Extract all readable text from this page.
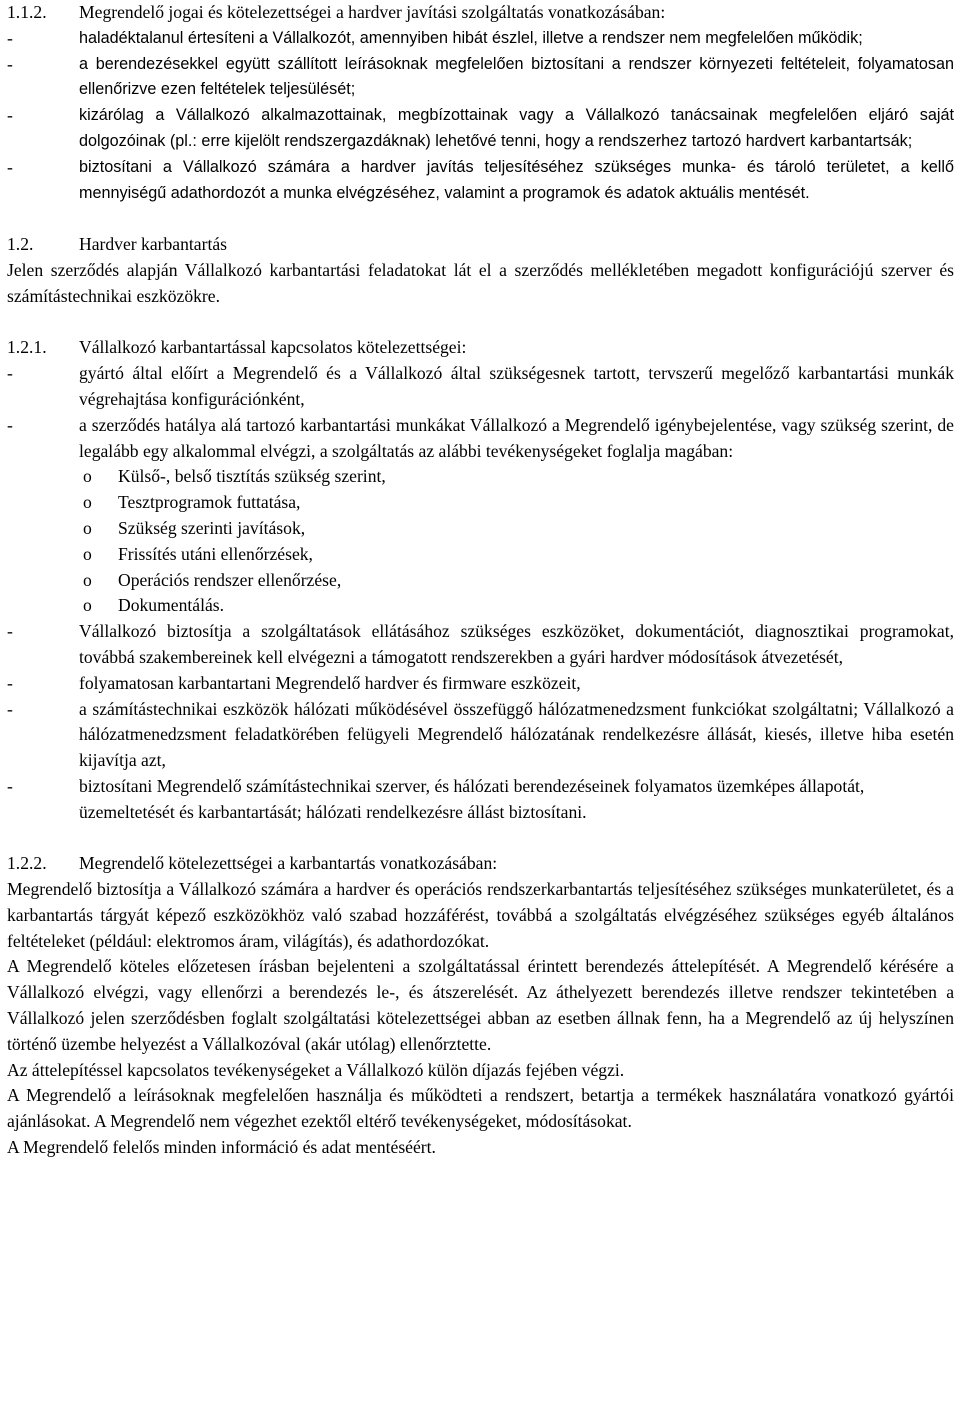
1.1.2.	Megrendelő jogai és kötelezettségei a hardver javítási szolgáltatás vonatkozásában:
-	haladéktalanul értesíteni a Vállalkozót, amennyiben hibát észlel, illetve a rendszer nem megfelelően működik;
-	a berendezésekkel együtt szállított leírásoknak megfelelően biztosítani a rendszer környezeti feltételeit, folyamatosan ellenőrizve ezen feltételek teljesülését;
-	kizárólag a Vállalkozó alkalmazottainak, megbízottainak vagy a Vállalkozó tanácsainak megfelelően eljáró saját dolgozóinak (pl.: erre kijelölt rendszergazdáknak) lehetővé tenni, hogy a rendszerhez tartozó hardvert karbantartsák;
-	biztosítani a Vállalkozó számára a hardver javítás teljesítéséhez szükséges munka- és tároló területet, a kellő mennyiségű adathordozót a munka elvégzéséhez, valamint a programok és adatok aktuális mentését.
1.2.	Hardver karbantartás

Jelen szerződés alapján Vállalkozó karbantartási feladatokat lát el a szerződés mellékletében megadott konfigurációjú szerver és számítástechnikai eszközökre.

1.2.1.	Vállalkozó karbantartással kapcsolatos kötelezettségei:
-	gyártó által előírt a Megrendelő és a Vállalkozó által szükségesnek tartott, tervszerű megelőző karbantartási munkák végrehajtása konfigurációnként,
-	a szerződés hatálya alá tartozó karbantartási munkákat Vállalkozó a Megrendelő igénybejelentése, vagy szükség szerint, de legalább egy alkalommal elvégzi, a szolgáltatás az alábbi tevékenységeket foglalja magában:
o	Külső-, belső tisztítás szükség szerint,
o	Tesztprogramok futtatása,
o	Szükség szerinti javítások,
o	Frissítés utáni ellenőrzések,
o	Operációs rendszer ellenőrzése,
o	Dokumentálás.
-	Vállalkozó biztosítja a szolgáltatások ellátásához szükséges eszközöket, dokumentációt, diagnosztikai programokat, továbbá szakembereinek kell elvégezni a támogatott rendszerekben a gyári hardver módosítások átvezetését,
-	folyamatosan karbantartani Megrendelő hardver és firmware eszközeit,
-	a számítástechnikai eszközök hálózati működésével összefüggő hálózatmenedzsment funkciókat szolgáltatni; Vállalkozó a hálózatmenedzsment feladatkörében felügyeli Megrendelő hálózatának rendelkezésre állását, kiesés, illetve hiba esetén kijavítja azt,
-	biztosítani Megrendelő számítástechnikai szerver, és hálózati berendezéseinek folyamatos üzemképes állapotát, üzemeltetését és karbantartását; hálózati rendelkezésre állást biztosítani.
1.2.2.	Megrendelő kötelezettségei a karbantartás vonatkozásában:

Megrendelő biztosítja a Vállalkozó számára a hardver és operációs rendszerkarbantartás teljesítéséhez szükséges munkaterületet, és a karbantartás tárgyát képező eszközökhöz való szabad hozzáférést, továbbá a szolgáltatás elvégzéséhez szükséges egyéb általános feltételeket (például: elektromos áram, világítás), és adathordozókat.

A Megrendelő köteles előzetesen írásban bejelenteni a szolgáltatással érintett berendezés áttelepítését. A Megrendelő kérésére a Vállalkozó elvégzi, vagy ellenőrzi a berendezés le-, és átszerelését. Az áthelyezett berendezés illetve rendszer tekintetében a Vállalkozó jelen szerződésben foglalt szolgáltatási kötelezettségei abban az esetben állnak fenn, ha a Megrendelő az új helyszínen történő üzembe helyezést a Vállalkozóval (akár utólag) ellenőrztette.

Az áttelepítéssel kapcsolatos tevékenységeket a Vállalkozó külön díjazás fejében végzi.

A Megrendelő a leírásoknak megfelelően használja és működteti a rendszert, betartja a termékek használatára vonatkozó gyártói ajánlásokat. A Megrendelő nem végezhet ezektől eltérő tevékenységeket, módosításokat.

A Megrendelő felelős minden információ és adat mentéséért.
